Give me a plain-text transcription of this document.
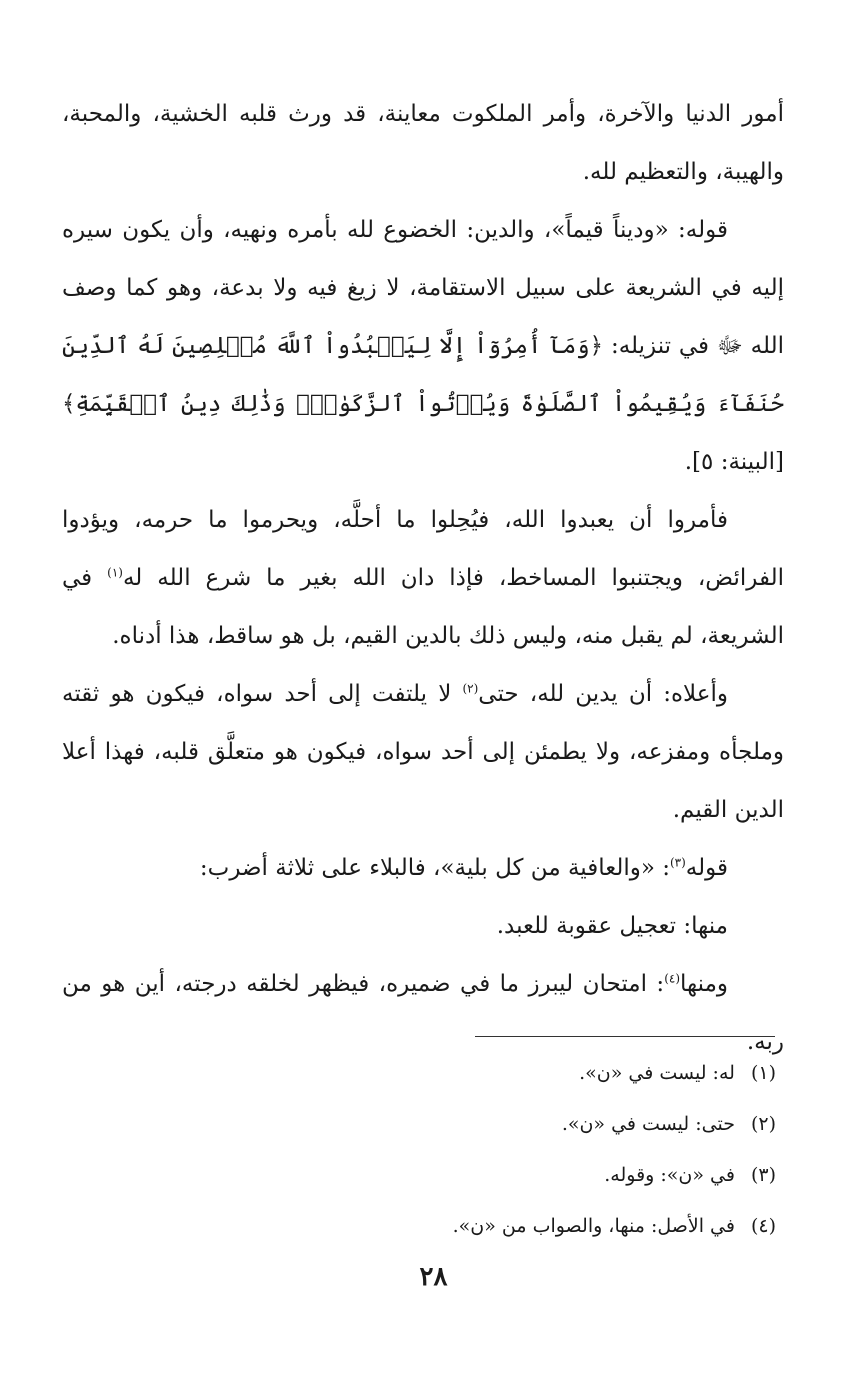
أمور الدنيا والآخرة، وأمر الملكوت معاينة، قد ورث قلبه الخشية، والمحبة، والهيبة، والتعظيم لله.

قوله: «وديناً قيماً»، والدين: الخضوع لله بأمره ونهيه، وأن يكون سيره إليه في الشريعة على سبيل الاستقامة، لا زيغ فيه ولا بدعة، وهو كما وصف الله ﷻ في تنزيله: ﴿وَمَآ أُمِرُوٓاْ إِلَّا لِيَعۡبُدُواْ ٱللَّهَ مُخۡلِصِينَ لَهُ ٱلدِّينَ حُنَفَآءَ وَيُقِيمُواْ ٱلصَّلَوٰةَ وَيُؤۡتُواْ ٱلزَّكَوٰةَۚ وَذَٰلِكَ دِينُ ٱلۡقَيِّمَةِ﴾[البينة: ٥].

فأمروا أن يعبدوا الله، فيُحِلوا ما أحلَّه، ويحرموا ما حرمه، ويؤدوا الفرائض، ويجتنبوا المساخط، فإذا دان الله بغير ما شرع الله له$^{(١)}$ في الشريعة، لم يقبل منه، وليس ذلك بالدين القيم، بل هو ساقط، هذا أدناه.

وأعلاه: أن يدين لله، حتى$^{(٢)}$ لا يلتفت إلى أحد سواه، فيكون هو ثقته وملجأه ومفزعه، ولا يطمئن إلى أحد سواه، فيكون هو متعلَّق قلبه، فهذا أعلا الدين القيم.

قوله$^{(٣)}$: «والعافية من كل بلية»، فالبلاء على ثلاثة أضرب:

منها: تعجيل عقوبة للعبد.

ومنها$^{(٤)}$: امتحان ليبرز ما في ضميره، فيظهر لخلقه درجته، أين هو من ربه.

(١)له: ليست في «ن».

(٢)حتى: ليست في «ن».

(٣)في «ن»: وقوله.

(٤)في الأصل: منها، والصواب من «ن».

٢٨
